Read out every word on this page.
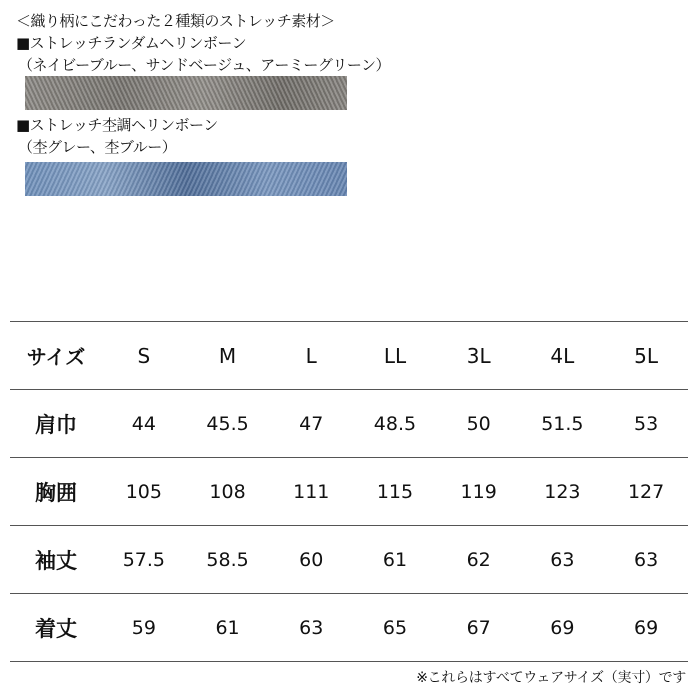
＜織り柄にこだわった２種類のストレッチ素材＞
■ストレッチランダムヘリンボーン
（ネイビーブルー、サンドベージュ、アーミーグリーン）
■ストレッチ杢調ヘリンボーン
（杢グレー、杢ブルー）
サイズ	S	M	L	LL	3L	4L	5L
肩巾	44	45.5	47	48.5	50	51.5	53
胸囲	105	108	111	115	119	123	127
袖丈	57.5	58.5	60	61	62	63	63
着丈	59	61	63	65	67	69	69
※これらはすべてウェアサイズ（実寸）です
